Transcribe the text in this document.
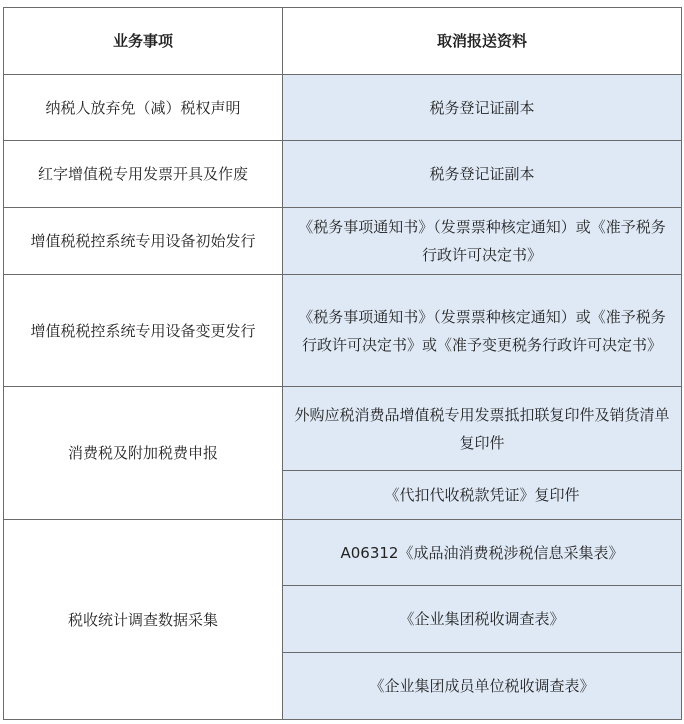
业务事项	取消报送资料
纳税人放弃免（减）税权声明	税务登记证副本
红字增值税专用发票开具及作废	税务登记证副本
增值税税控系统专用设备初始发行	《税务事项通知书》（发票票种核定通知）或《准予税务行政许可决定书》
增值税税控系统专用设备变更发行	《税务事项通知书》（发票票种核定通知）或《准予税务行政许可决定书》或《准予变更税务行政许可决定书》
消费税及附加税费申报	外购应税消费品增值税专用发票抵扣联复印件及销货清单复印件
	《代扣代收税款凭证》复印件
税收统计调查数据采集	A06312《成品油消费税涉税信息采集表》
	《企业集团税收调查表》
	《企业集团成员单位税收调查表》
